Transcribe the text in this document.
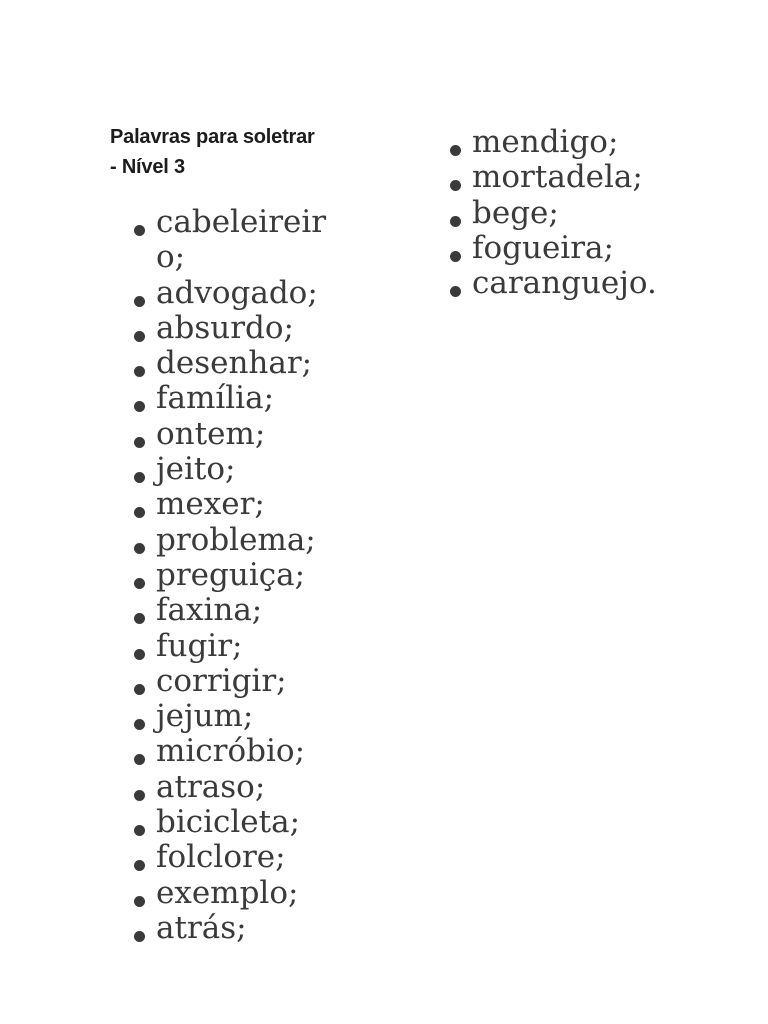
Palavras para soletrar
- Nível 3
cabeleireiro;
advogado;
absurdo;
desenhar;
família;
ontem;
jeito;
mexer;
problema;
preguiça;
faxina;
fugir;
corrigir;
jejum;
micróbio;
atraso;
bicicleta;
folclore;
exemplo;
atrás;
mendigo;
mortadela;
bege;
fogueira;
caranguejo.
